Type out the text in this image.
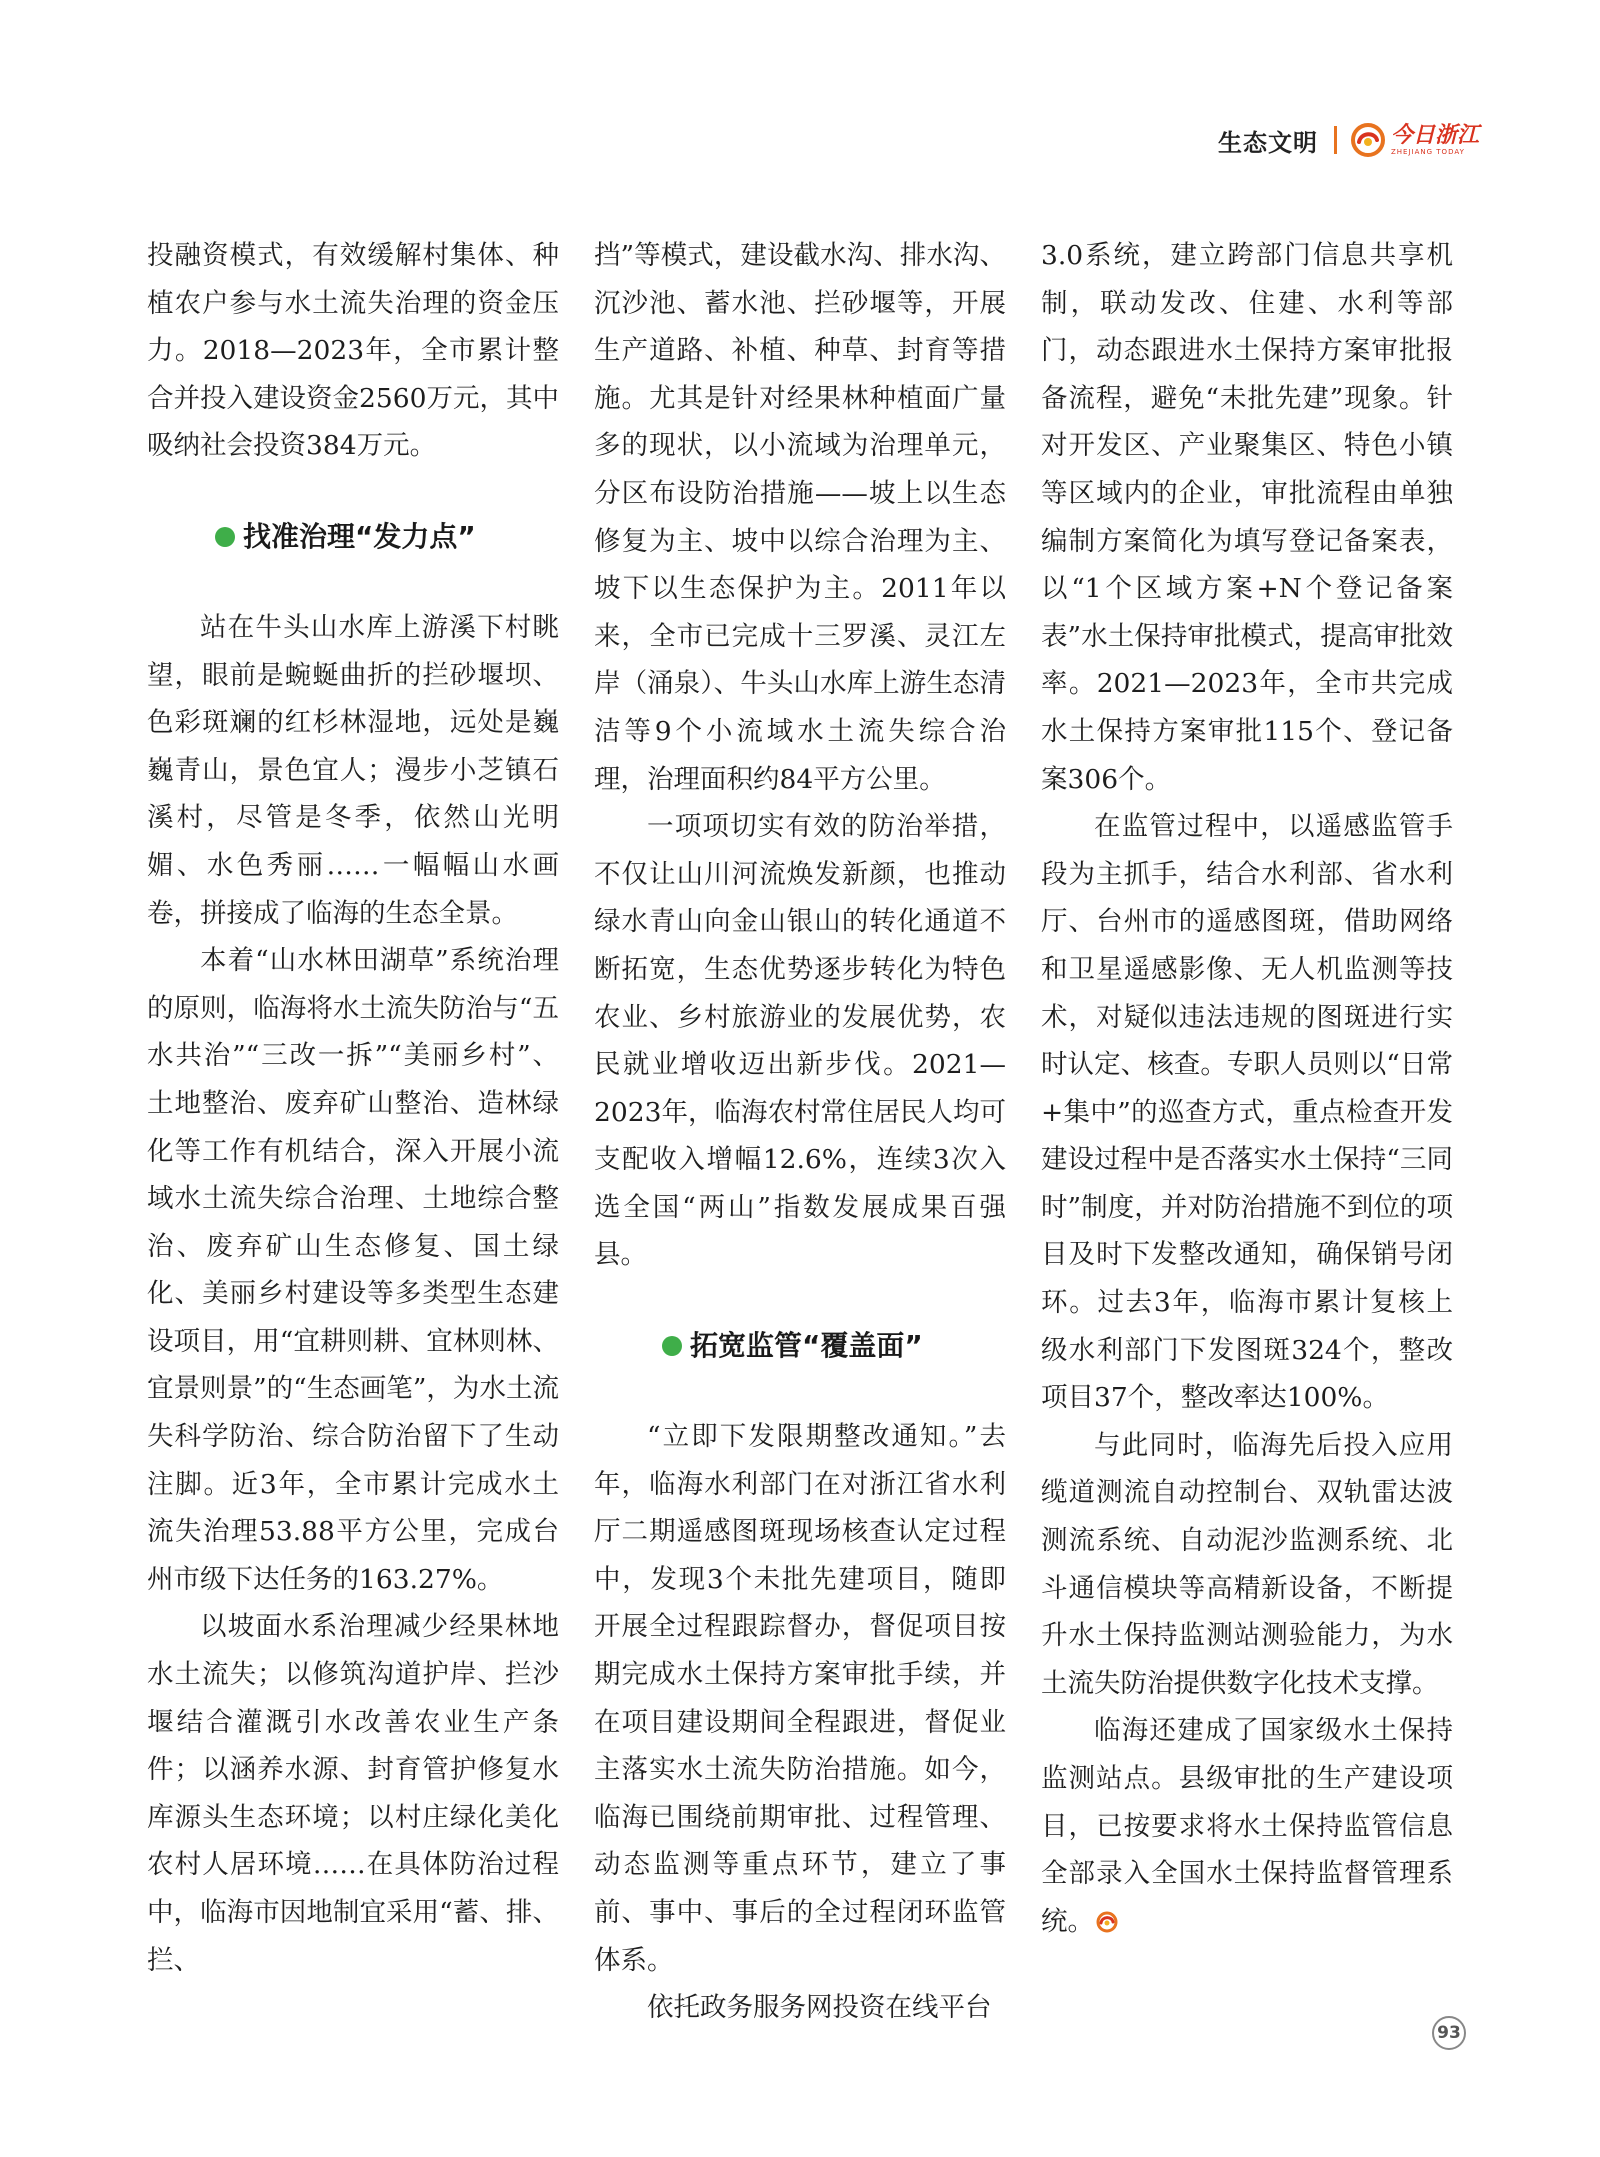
生态文明	今日浙江
ZHEJIANG TODAY

投融资模式，有效缓解村集体、种植农户参与水土流失治理的资金压力。2018—2023年，全市累计整合并投入建设资金2560万元，其中吸纳社会投资384万元。

找准治理“发力点”

站在牛头山水库上游溪下村眺望，眼前是蜿蜒曲折的拦砂堰坝、色彩斑斓的红杉林湿地，远处是巍巍青山，景色宜人；漫步小芝镇石溪村，尽管是冬季，依然山光明媚、水色秀丽……一幅幅山水画卷，拼接成了临海的生态全景。

本着“山水林田湖草”系统治理的原则，临海将水土流失防治与“五水共治”“三改一拆”“美丽乡村”、土地整治、废弃矿山整治、造林绿化等工作有机结合，深入开展小流域水土流失综合治理、土地综合整治、废弃矿山生态修复、国土绿化、美丽乡村建设等多类型生态建设项目，用“宜耕则耕、宜林则林、宜景则景”的“生态画笔”，为水土流失科学防治、综合防治留下了生动注脚。近3年，全市累计完成水土流失治理53.88平方公里，完成台州市级下达任务的163.27%。

以坡面水系治理减少经果林地水土流失；以修筑沟道护岸、拦沙堰结合灌溉引水改善农业生产条件；以涵养水源、封育管护修复水库源头生态环境；以村庄绿化美化农村人居环境……在具体防治过程中，临海市因地制宜采用“蓄、排、拦、

挡”等模式，建设截水沟、排水沟、沉沙池、蓄水池、拦砂堰等，开展生产道路、补植、种草、封育等措施。尤其是针对经果林种植面广量多的现状，以小流域为治理单元，分区布设防治措施——坡上以生态修复为主、坡中以综合治理为主、坡下以生态保护为主。2011年以来，全市已完成十三罗溪、灵江左岸（涌泉）、牛头山水库上游生态清洁等9个小流域水土流失综合治理，治理面积约84平方公里。

一项项切实有效的防治举措，不仅让山川河流焕发新颜，也推动绿水青山向金山银山的转化通道不断拓宽，生态优势逐步转化为特色农业、乡村旅游业的发展优势，农民就业增收迈出新步伐。2021—2023年，临海农村常住居民人均可支配收入增幅12.6%，连续3次入选全国“两山”指数发展成果百强县。

拓宽监管“覆盖面”

“立即下发限期整改通知。”去年，临海水利部门在对浙江省水利厅二期遥感图斑现场核查认定过程中，发现3个未批先建项目，随即开展全过程跟踪督办，督促项目按期完成水土保持方案审批手续，并在项目建设期间全程跟进，督促业主落实水土流失防治措施。如今，临海已围绕前期审批、过程管理、动态监测等重点环节，建立了事前、事中、事后的全过程闭环监管体系。

依托政务服务网投资在线平台

3.0系统，建立跨部门信息共享机制，联动发改、住建、水利等部门，动态跟进水土保持方案审批报备流程，避免“未批先建”现象。针对开发区、产业聚集区、特色小镇等区域内的企业，审批流程由单独编制方案简化为填写登记备案表，以“1个区域方案+N个登记备案表”水土保持审批模式，提高审批效率。2021—2023年，全市共完成水土保持方案审批115个、登记备案306个。

在监管过程中，以遥感监管手段为主抓手，结合水利部、省水利厅、台州市的遥感图斑，借助网络和卫星遥感影像、无人机监测等技术，对疑似违法违规的图斑进行实时认定、核查。专职人员则以“日常+集中”的巡查方式，重点检查开发建设过程中是否落实水土保持“三同时”制度，并对防治措施不到位的项目及时下发整改通知，确保销号闭环。过去3年，临海市累计复核上级水利部门下发图斑324个，整改项目37个，整改率达100%。

与此同时，临海先后投入应用缆道测流自动控制台、双轨雷达波测流系统、自动泥沙监测系统、北斗通信模块等高精新设备，不断提升水土保持监测站测验能力，为水土流失防治提供数字化技术支撑。

临海还建成了国家级水土保持监测站点。县级审批的生产建设项目，已按要求将水土保持监管信息全部录入全国水土保持监督管理系统。

93
